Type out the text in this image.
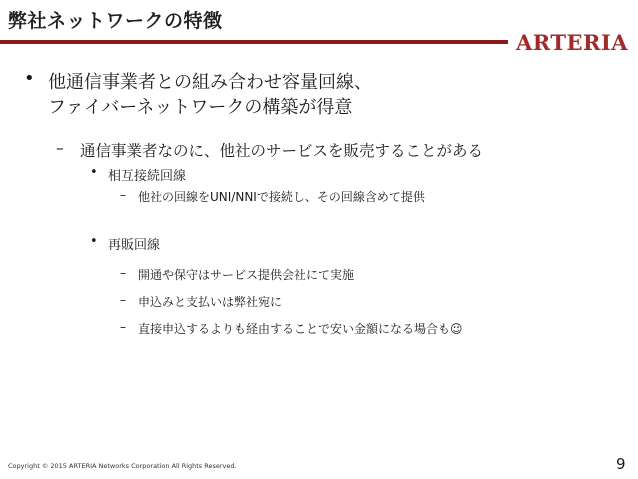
弊社ネットワークの特徴
ARTERIA
• 他通信事業者との組み合わせ容量回線、
ファイバーネットワークの構築が得意
– 通信事業者なのに、他社のサービスを販売することがある
• 相互接続回線
– 他社の回線をUNI/NNIで接続し、その回線含めて提供
• 再販回線
– 開通や保守はサービス提供会社にて実施
– 申込みと支払いは弊社宛に
– 直接申込するよりも経由することで安い金額になる場合も☺
Copyright © 2015 ARTERIA Networks Corporation All Rights Reserved.	9
